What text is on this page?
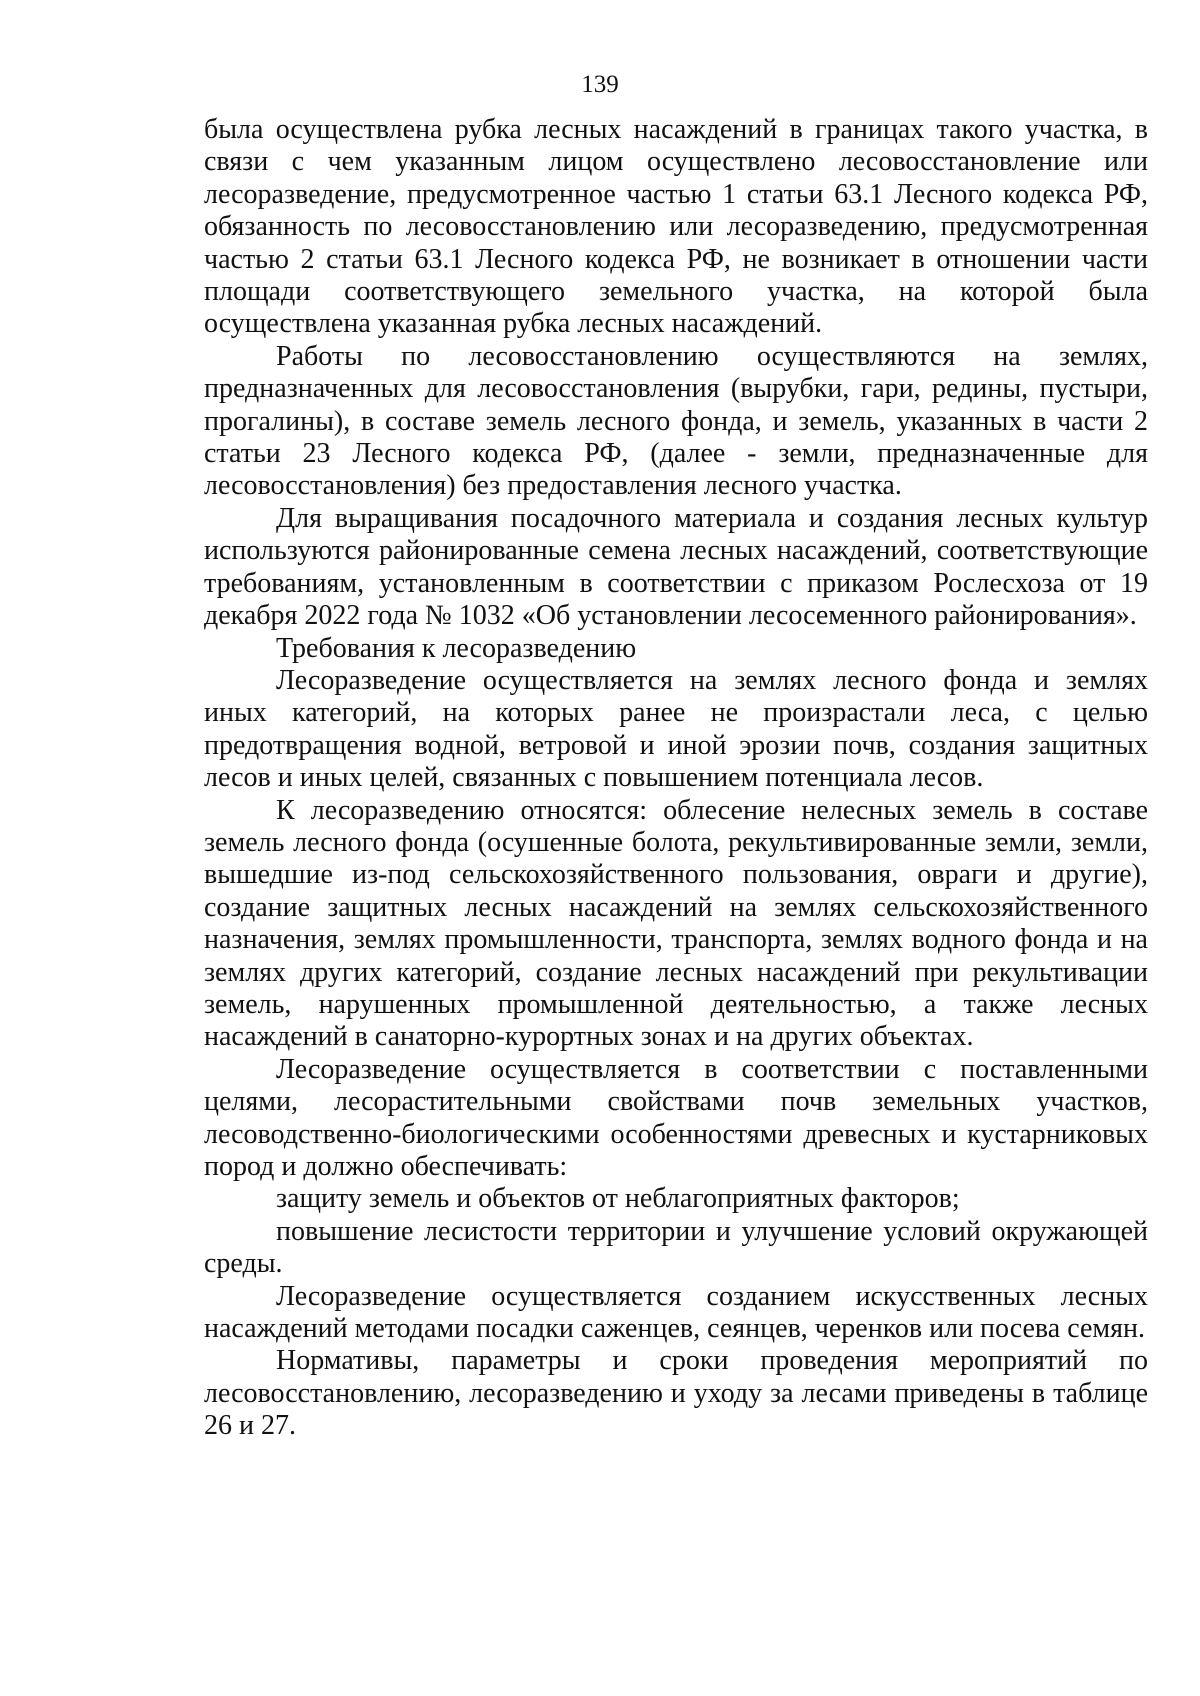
139

была осуществлена рубка лесных насаждений в границах такого участка, в связи с чем указанным лицом осуществлено лесовосстановление или лесоразведение, предусмотренное частью 1 статьи 63.1 Лесного кодекса РФ, обязанность по лесовосстановлению или лесоразведению, предусмотренная частью 2 статьи 63.1 Лесного кодекса РФ, не возникает в отношении части площади соответствующего земельного участка, на которой была осуществлена указанная рубка лесных насаждений.

Работы по лесовосстановлению осуществляются на землях, предназначенных для лесовосстановления (вырубки, гари, редины, пустыри, прогалины), в составе земель лесного фонда, и земель, указанных в части 2 статьи 23 Лесного кодекса РФ, (далее - земли, предназначенные для лесовосстановления) без предоставления лесного участка.

Для выращивания посадочного материала и создания лесных культур используются районированные семена лесных насаждений, соответствующие требованиям, установленным в соответствии с приказом Рослесхоза от 19 декабря 2022 года № 1032 «Об установлении лесосеменного районирования».

Требования к лесоразведению

Лесоразведение осуществляется на землях лесного фонда и землях иных категорий, на которых ранее не произрастали леса, с целью предотвращения водной, ветровой и иной эрозии почв, создания защитных лесов и иных целей, связанных с повышением потенциала лесов.

К лесоразведению относятся: облесение нелесных земель в составе земель лесного фонда (осушенные болота, рекультивированные земли, земли, вышедшие из-под сельскохозяйственного пользования, овраги и другие), создание защитных лесных насаждений на землях сельскохозяйственного назначения, землях промышленности, транспорта, землях водного фонда и на землях других категорий, создание лесных насаждений при рекультивации земель, нарушенных промышленной деятельностью, а также лесных насаждений в санаторно-курортных зонах и на других объектах.

Лесоразведение осуществляется в соответствии с поставленными целями, лесорастительными свойствами почв земельных участков, лесоводственно-биологическими особенностями древесных и кустарниковых пород и должно обеспечивать:

защиту земель и объектов от неблагоприятных факторов;

повышение лесистости территории и улучшение условий окружающей среды.

Лесоразведение осуществляется созданием искусственных лесных насаждений методами посадки саженцев, сеянцев, черенков или посева семян.

Нормативы, параметры и сроки проведения мероприятий по лесовосстановлению, лесоразведению и уходу за лесами приведены в таблице 26 и 27.
